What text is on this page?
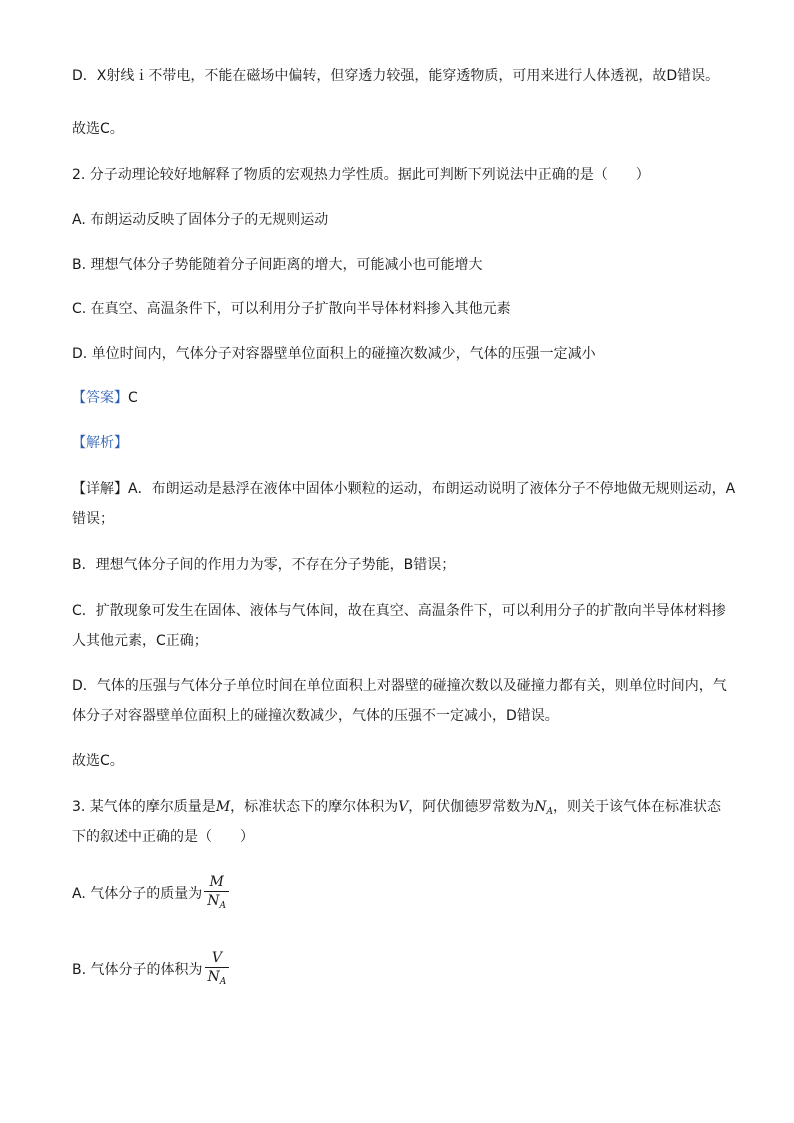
D．X射线ｉ不带电，不能在磁场中偏转，但穿透力较强，能穿透物质，可用来进行人体透视，故D错误。
故选C。
2. 分子动理论较好地解释了物质的宏观热力学性质。据此可判断下列说法中正确的是（　　）
A. 布朗运动反映了固体分子的无规则运动
B. 理想气体分子势能随着分子间距离的增大，可能减小也可能增大
C. 在真空、高温条件下，可以利用分子扩散向半导体材料掺入其他元素
D. 单位时间内，气体分子对容器壁单位面积上的碰撞次数减少，气体的压强一定减小
【答案】C
【解析】
【详解】A．布朗运动是悬浮在液体中固体小颗粒的运动，布朗运动说明了液体分子不停地做无规则运动，A
错误；
B．理想气体分子间的作用力为零，不存在分子势能，B错误；
C．扩散现象可发生在固体、液体与气体间，故在真空、高温条件下，可以利用分子的扩散向半导体材料掺
人其他元素，C正确；
D．气体的压强与气体分子单位时间在单位面积上对器壁的碰撞次数以及碰撞力都有关，则单位时间内，气
体分子对容器壁单位面积上的碰撞次数减少，气体的压强不一定减小，D错误。
故选C。
3. 某气体的摩尔质量是M，标准状态下的摩尔体积为V，阿伏伽德罗常数为$N_A$，则关于该气体在标准状态
下的叙述中正确的是（　　）
A. 气体分子的质量为 $\frac{M}{N_A}$
B. 气体分子的体积为 $\frac{V}{N_A}$
